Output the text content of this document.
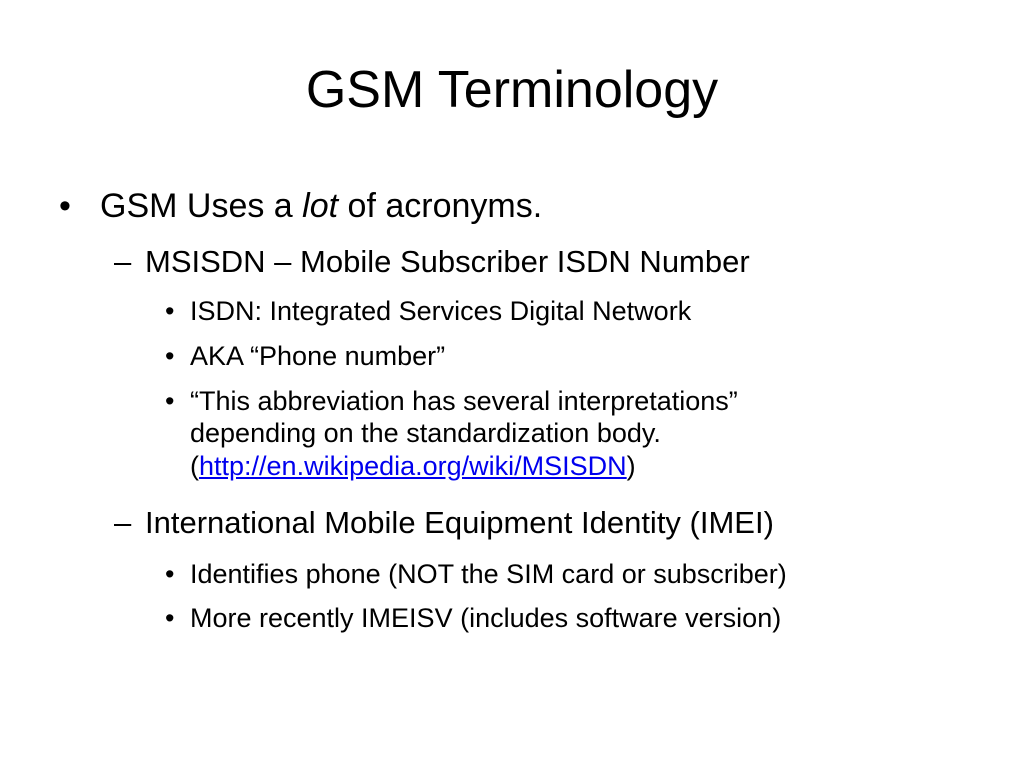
GSM Terminology
• GSM Uses a lot of acronyms.
– MSISDN – Mobile Subscriber ISDN Number
• ISDN: Integrated Services Digital Network
• AKA “Phone number”
• “This abbreviation has several interpretations”
depending on the standardization body.
(http://en.wikipedia.org/wiki/MSISDN)
– International Mobile Equipment Identity (IMEI)
• Identifies phone (NOT the SIM card or subscriber)
• More recently IMEISV (includes software version)
